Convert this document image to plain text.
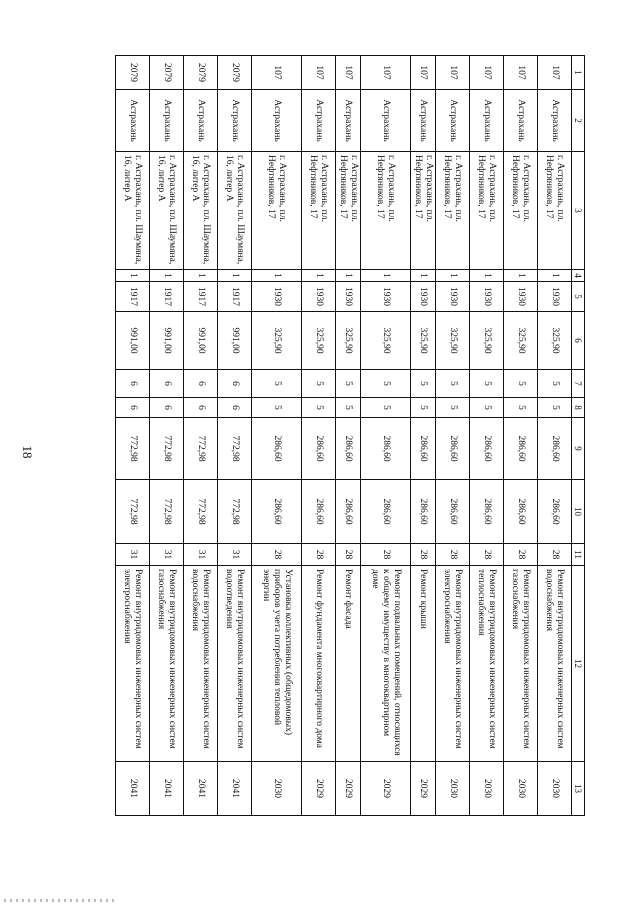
18
1	2	3	4	5	6	7	8	9	10	11	12	13
107	Астрахань	г. Астрахань, пл. Нефтяников, 17	1	1930	325,90	5	5	286,60	286,60	28	Ремонт внутридомовых инженерных систем водоснабжения	2030
107	Астрахань	г. Астрахань, пл. Нефтяников, 17	1	1930	325,90	5	5	286,60	286,60	28	Ремонт внутридомовых инженерных систем газоснабжения	2030
107	Астрахань	г. Астрахань, пл. Нефтяников, 17	1	1930	325,90	5	5	286,60	286,60	28	Ремонт внутридомовых инженерных систем теплоснабжения	2030
107	Астрахань	г. Астрахань, пл. Нефтяников, 17	1	1930	325,90	5	5	286,60	286,60	28	Ремонт внутридомовых инженерных систем электроснабжения	2030
107	Астрахань	г. Астрахань, пл. Нефтяников, 17	1	1930	325,90	5	5	286,60	286,60	28	Ремонт крыши	2029
107	Астрахань	г. Астрахань, пл. Нефтяников, 17	1	1930	325,90	5	5	286,60	286,60	28	Ремонт подвальных помещений, относящихся к общему имуществу в многоквартирном доме	2029
107	Астрахань	г. Астрахань, пл. Нефтяников, 17	1	1930	325,90	5	5	286,60	286,60	28	Ремонт фасада	2029
107	Астрахань	г. Астрахань, пл. Нефтяников, 17	1	1930	325,90	5	5	286,60	286,60	28	Ремонт фундамента многоквартирного дома	2029
107	Астрахань	г. Астрахань, пл. Нефтяников, 17	1	1930	325,90	5	5	286,60	286,60	28	Установка коллективных (общедомовых) приборов учета потребления тепловой энергии	2030
2079	Астрахань	г. Астрахань, пл. Шаумяна, 16, литер А	1	1917	991,00	6	6	772,98	772,98	31	Ремонт внутридомовых инженерных систем водоотведения	2041
2079	Астрахань	г. Астрахань, пл. Шаумяна, 16, литер А	1	1917	991,00	6	6	772,98	772,98	31	Ремонт внутридомовых инженерных систем водоснабжения	2041
2079	Астрахань	г. Астрахань, пл. Шаумяна, 16, литер А	1	1917	991,00	6	6	772,98	772,98	31	Ремонт внутридомовых инженерных систем газоснабжения	2041
2079	Астрахань	г. Астрахань, пл. Шаумяна, 16, литер А	1	1917	991,00	6	6	772,98	772,98	31	Ремонт внутридомовых инженерных систем электроснабжения	2041
